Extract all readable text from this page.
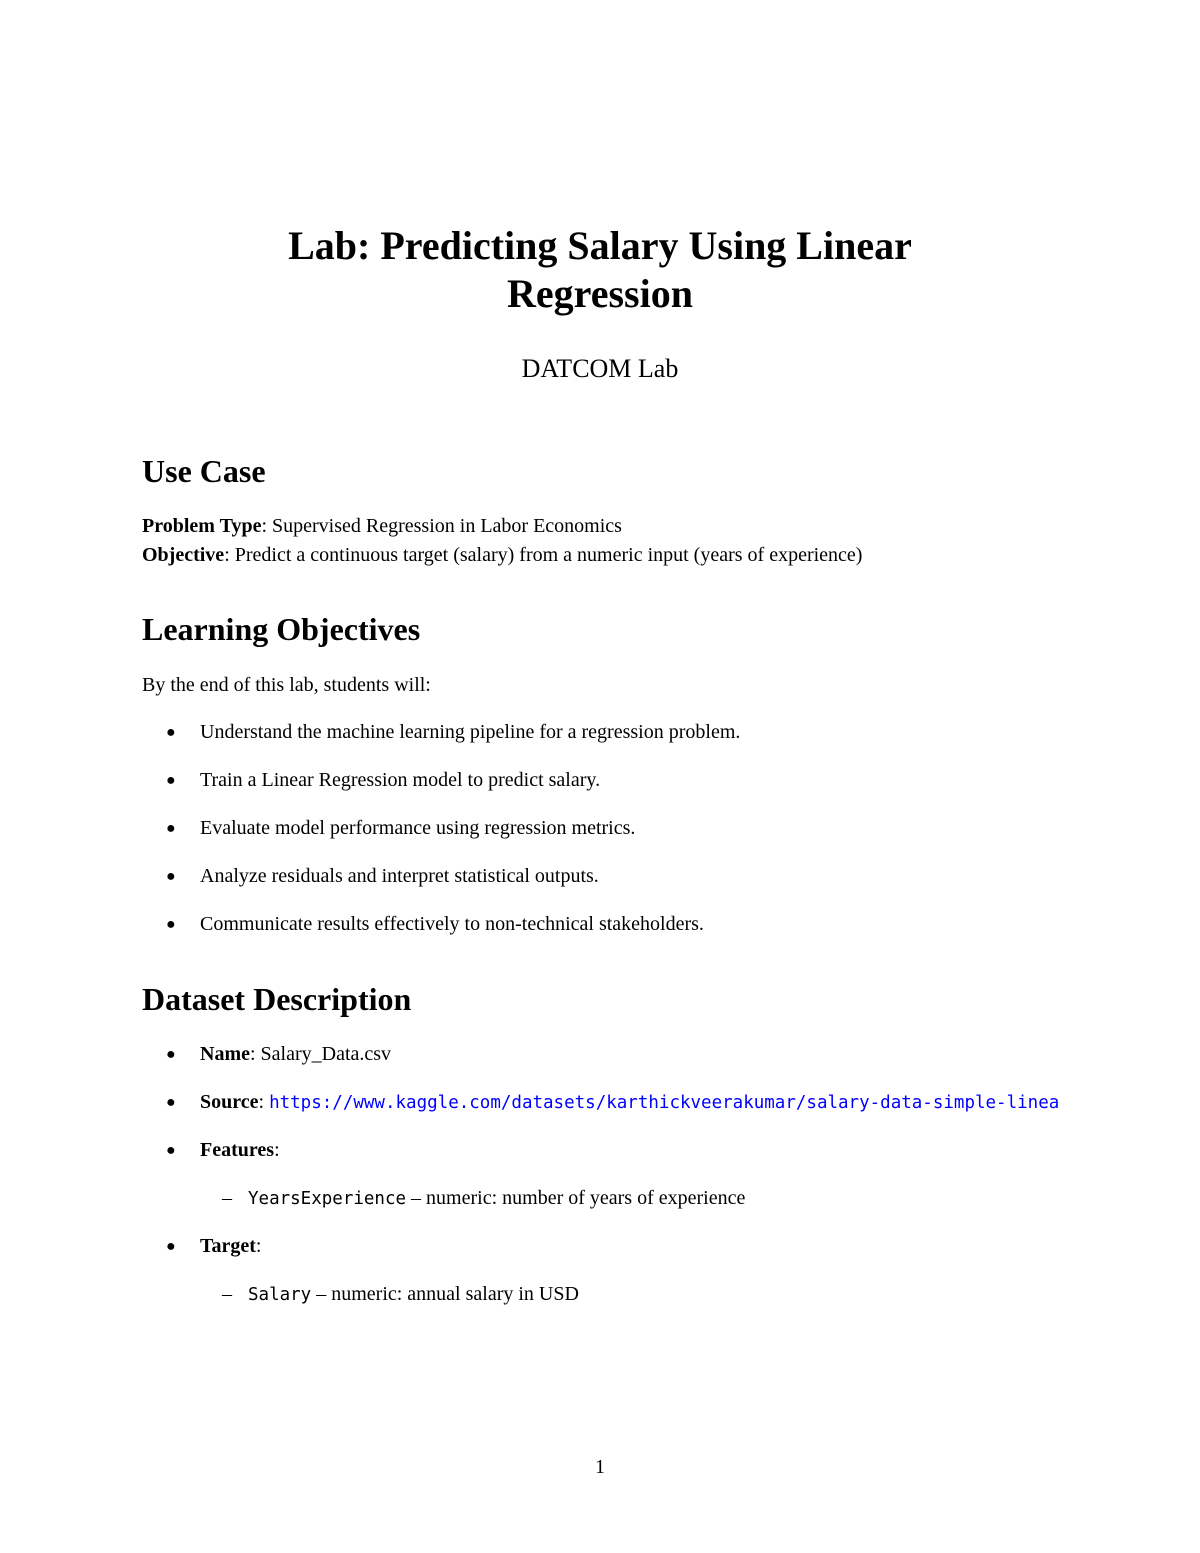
Lab: Predicting Salary Using Linear
Regression

DATCOM Lab

Use Case

Problem Type: Supervised Regression in Labor Economics

Objective: Predict a continuous target (salary) from a numeric input (years of experience)

Learning Objectives

By the end of this lab, students will:

● Understand the machine learning pipeline for a regression problem.

● Train a Linear Regression model to predict salary.

● Evaluate model performance using regression metrics.

● Analyze residuals and interpret statistical outputs.

● Communicate results effectively to non-technical stakeholders.

Dataset Description

● Name: Salary_Data.csv

● Source: https://www.kaggle.com/datasets/karthickveerakumar/salary-data-simple-linea

● Features:

– YearsExperience – numeric: number of years of experience

● Target:

– Salary – numeric: annual salary in USD

1
